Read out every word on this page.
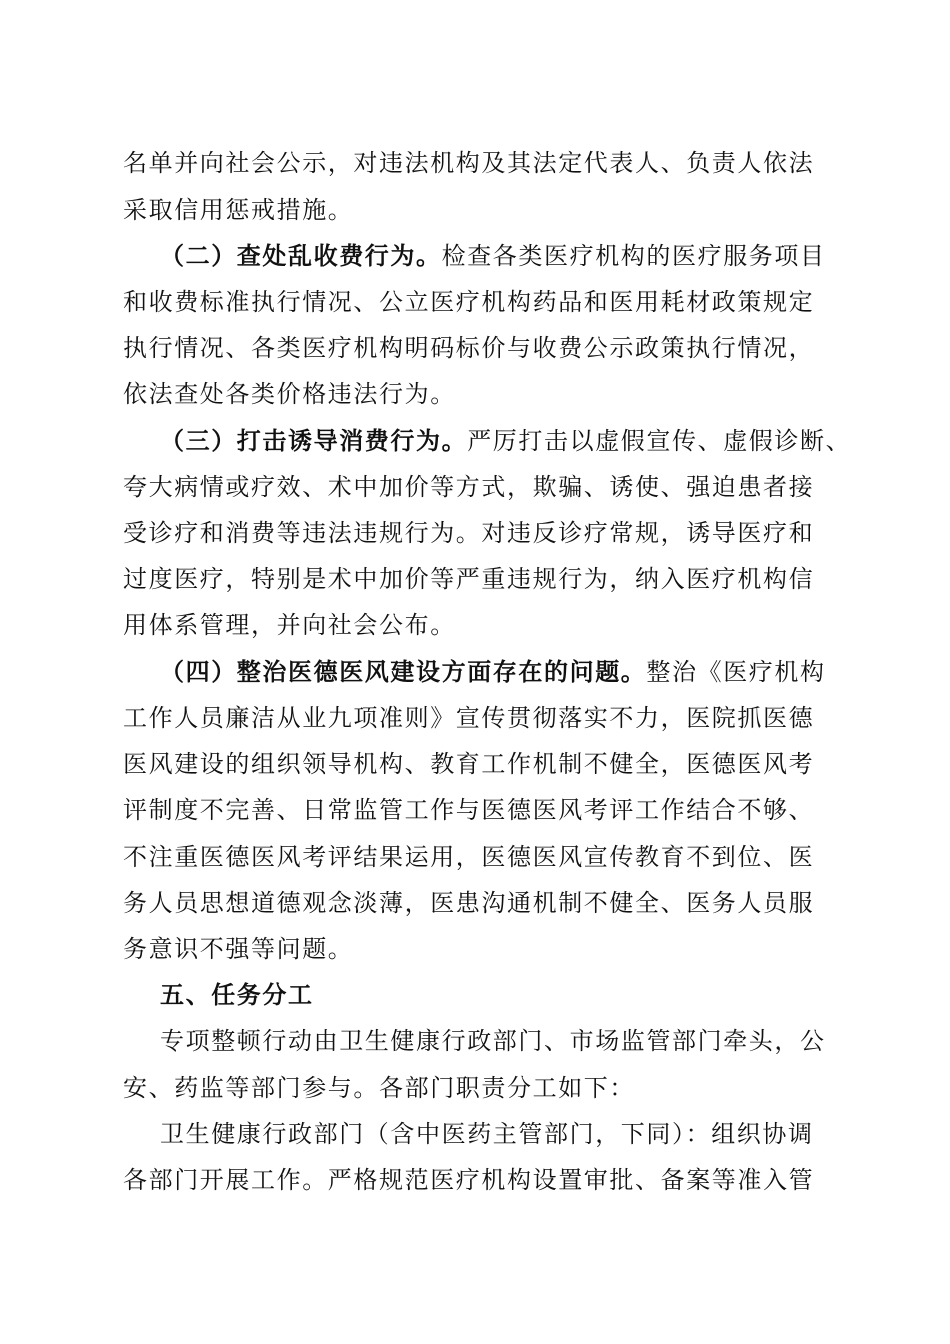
名单并向社会公示，对违法机构及其法定代表人、负责人依法
采取信用惩戒措施。
（二）查处乱收费行为。检查各类医疗机构的医疗服务项目
和收费标准执行情况、公立医疗机构药品和医用耗材政策规定
执行情况、各类医疗机构明码标价与收费公示政策执行情况，
依法查处各类价格违法行为。
（三）打击诱导消费行为。严厉打击以虚假宣传、虚假诊断、
夸大病情或疗效、术中加价等方式，欺骗、诱使、强迫患者接
受诊疗和消费等违法违规行为。对违反诊疗常规，诱导医疗和
过度医疗，特别是术中加价等严重违规行为，纳入医疗机构信
用体系管理，并向社会公布。
（四）整治医德医风建设方面存在的问题。整治《医疗机构
工作人员廉洁从业九项准则》宣传贯彻落实不力，医院抓医德
医风建设的组织领导机构、教育工作机制不健全，医德医风考
评制度不完善、日常监管工作与医德医风考评工作结合不够、
不注重医德医风考评结果运用，医德医风宣传教育不到位、医
务人员思想道德观念淡薄，医患沟通机制不健全、医务人员服
务意识不强等问题。
五、任务分工
专项整顿行动由卫生健康行政部门、市场监管部门牵头，公
安、药监等部门参与。各部门职责分工如下：
卫生健康行政部门（含中医药主管部门，下同）：组织协调
各部门开展工作。严格规范医疗机构设置审批、备案等准入管
